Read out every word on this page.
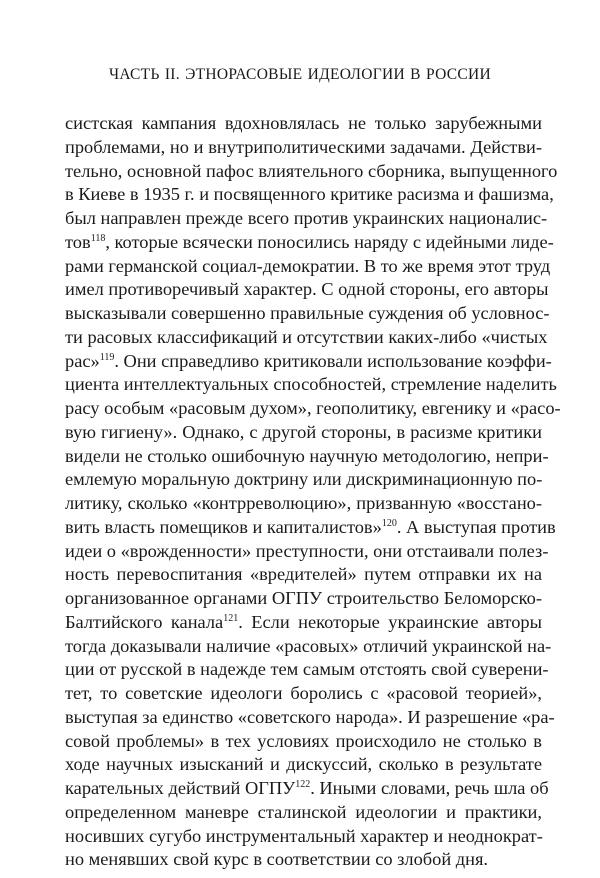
ЧАСТЬ II. ЭТНОРАСОВЫЕ ИДЕОЛОГИИ В РОССИИ
систская кампания вдохновлялась не только зарубежными
проблемами, но и внутриполитическими задачами. Действи-
тельно, основной пафос влиятельного сборника, выпущенного
в Киеве в 1935 г. и посвященного критике расизма и фашизма,
был направлен прежде всего против украинских националис-
тов$^{118}$, которые всячески поносились наряду с идейными лиде-
рами германской социал-демократии. В то же время этот труд
имел противоречивый характер. С одной стороны, его авторы
высказывали совершенно правильные суждения об условнос-
ти расовых классификаций и отсутствии каких-либо «чистых
рас»$^{119}$. Они справедливо критиковали использование коэффи-
циента интеллектуальных способностей, стремление наделить
расу особым «расовым духом», геополитику, евгенику и «расо-
вую гигиену». Однако, с другой стороны, в расизме критики
видели не столько ошибочную научную методологию, непри-
емлемую моральную доктрину или дискриминационную по-
литику, сколько «контрреволюцию», призванную «восстано-
вить власть помещиков и капиталистов»$^{120}$. А выступая против
идеи о «врожденности» преступности, они отстаивали полез-
ность перевоспитания «вредителей» путем отправки их на
организованное органами ОГПУ строительство Беломорско-
Балтийского канала$^{121}$. Если некоторые украинские авторы
тогда доказывали наличие «расовых» отличий украинской на-
ции от русской в надежде тем самым отстоять свой суверени-
тет, то советские идеологи боролись с «расовой теорией»,
выступая за единство «советского народа». И разрешение «ра-
совой проблемы» в тех условиях происходило не столько в
ходе научных изысканий и дискуссий, сколько в результате
карательных действий ОГПУ$^{122}$. Иными словами, речь шла об
определенном маневре сталинской идеологии и практики,
носивших сугубо инструментальный характер и неоднократ-
но менявших свой курс в соответствии со злобой дня.
